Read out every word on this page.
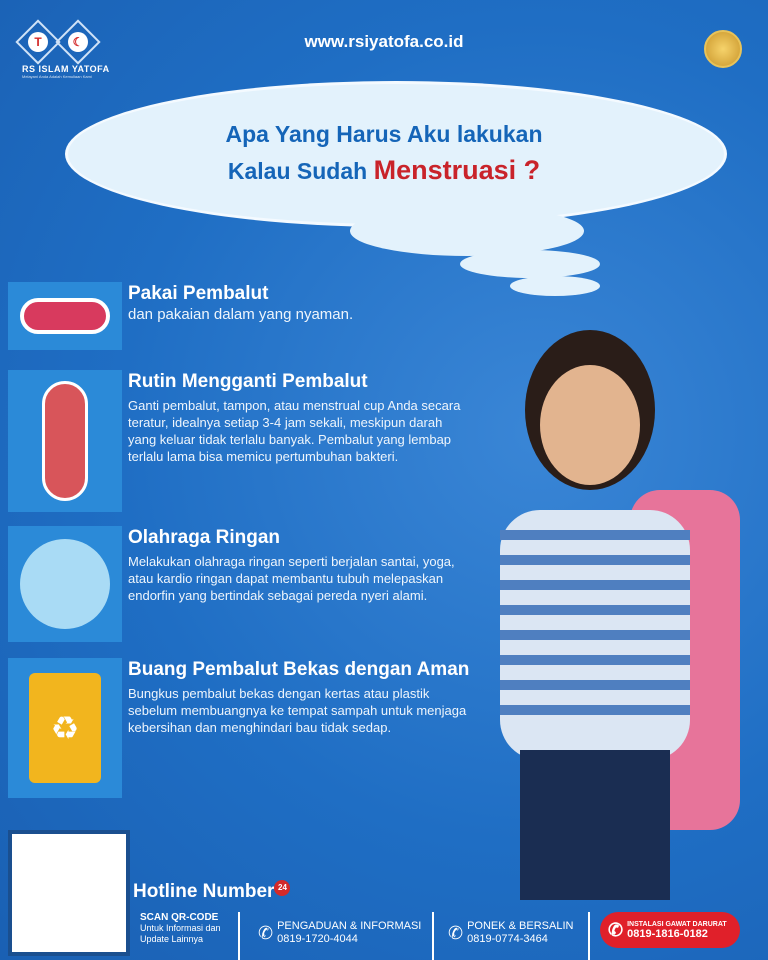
T	☾
RS ISLAM YATOFA
Melayani Anda Adalah Kemuliaan Kami
www.rsiyatofa.co.id
Apa Yang Harus Aku lakukan
Kalau Sudah Menstruasi ?
Pakai Pembalut

dan pakaian dalam yang nyaman.

Rutin Mengganti Pembalut

Ganti pembalut, tampon, atau menstrual cup Anda secara teratur, idealnya setiap 3-4 jam sekali, meskipun darah yang keluar tidak terlalu banyak. Pembalut yang lembap terlalu lama bisa memicu pertumbuhan bakteri.

Olahraga Ringan

Melakukan olahraga ringan seperti berjalan santai, yoga, atau kardio ringan dapat membantu tubuh melepaskan endorfin yang bertindak sebagai pereda nyeri alami.

♻
Buang Pembalut Bekas dengan Aman

Bungkus pembalut bekas dengan kertas atau plastik sebelum membuangnya ke tempat sampah untuk menjaga kebersihan dan menghindari bau tidak sedap.

Hotline Number 24
SCAN QR-CODE
Untuk Informasi dan Update Lainnya	✆ PENGADUAN & INFORMASI
0819-1720-4044	✆ PONEK & BERSALIN
0819-0774-3464	✆ INSTALASI GAWAT DARURAT
0819-1816-0182
